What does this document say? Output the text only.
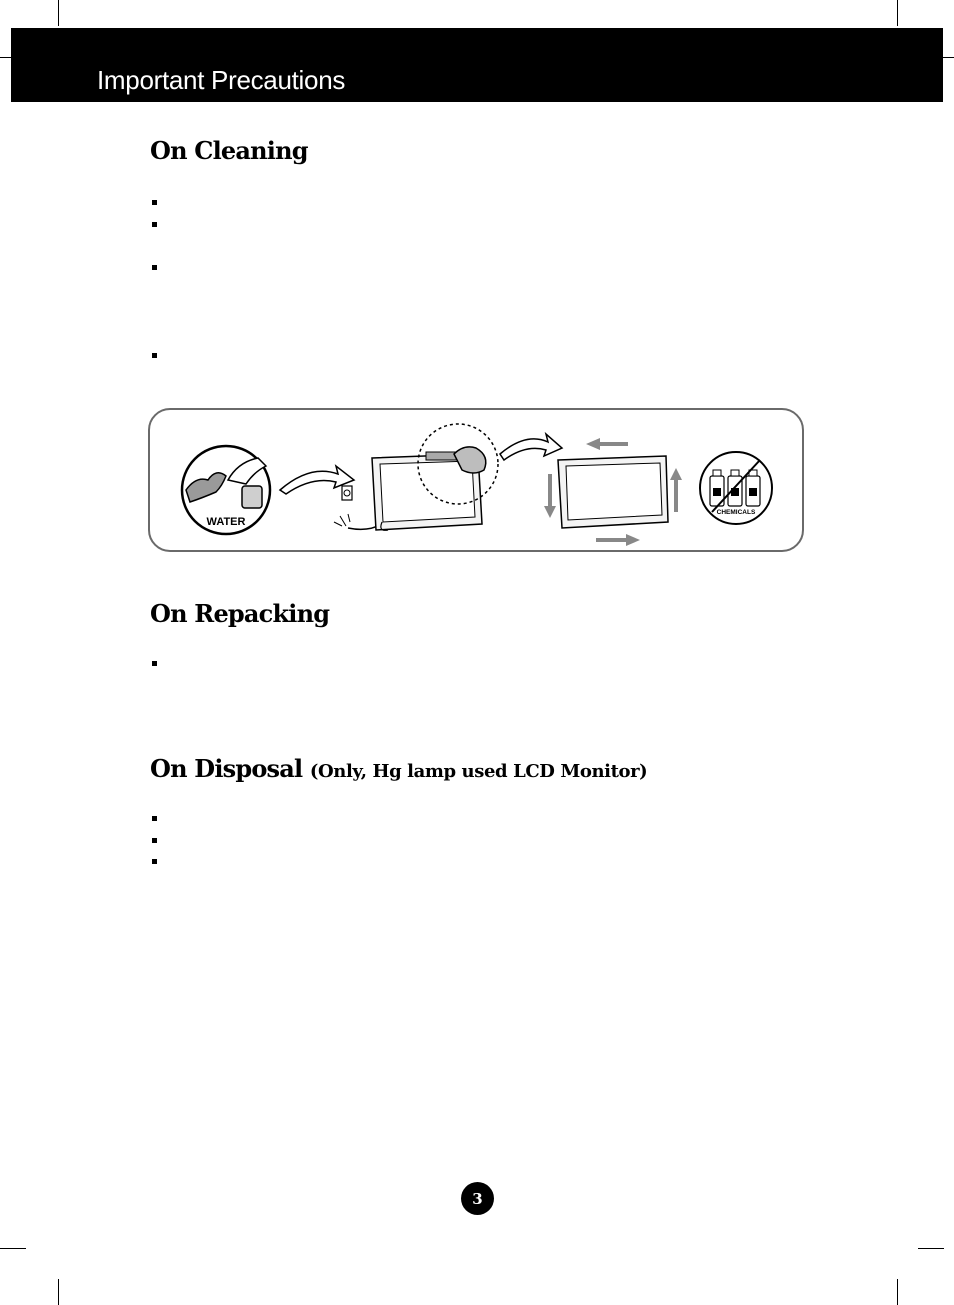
Important Precautions
On Cleaning
WATER
CHEMICALS
On Repacking
On Disposal (Only, Hg lamp used LCD Monitor)
3
